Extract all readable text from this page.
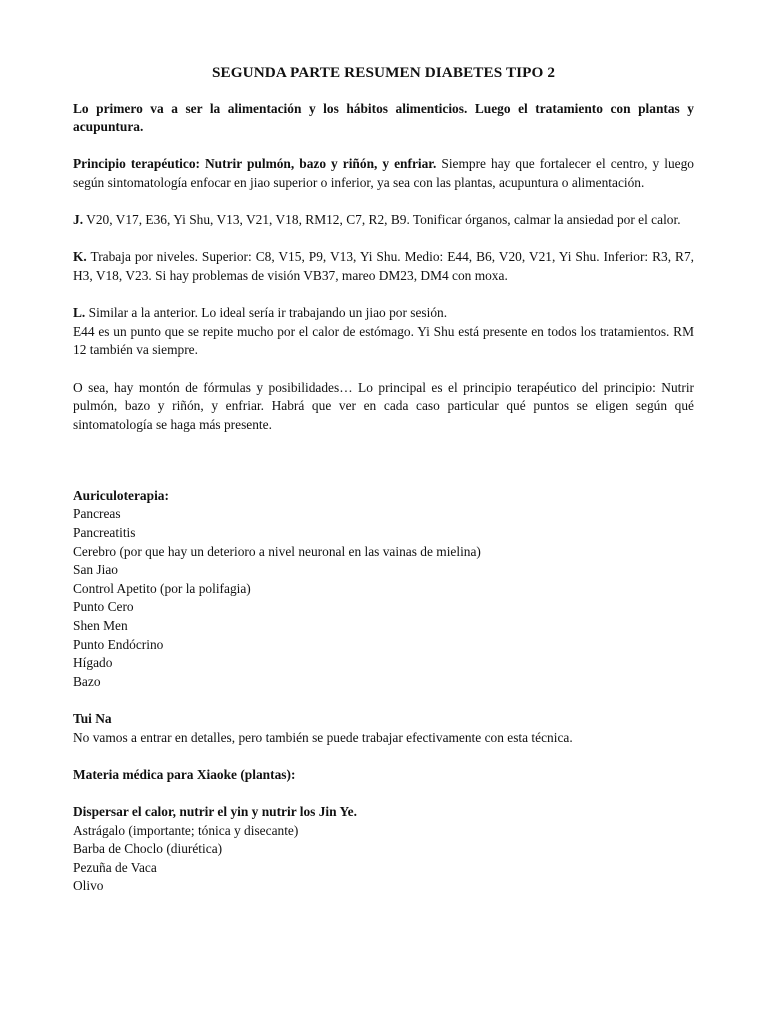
SEGUNDA PARTE RESUMEN DIABETES TIPO 2

Lo primero va a ser la alimentación y los hábitos alimenticios. Luego el tratamiento con plantas y acupuntura.

Principio terapéutico: Nutrir pulmón, bazo y riñón, y enfriar. Siempre hay que fortalecer el centro, y luego según sintomatología enfocar en jiao superior o inferior, ya sea con las plantas, acupuntura o alimentación.

J. V20, V17, E36, Yi Shu, V13, V21, V18, RM12, C7, R2, B9. Tonificar órganos, calmar la ansiedad por el calor.

K. Trabaja por niveles. Superior: C8, V15, P9, V13, Yi Shu. Medio: E44, B6, V20, V21, Yi Shu. Inferior: R3, R7, H3, V18, V23. Si hay problemas de visión VB37, mareo DM23, DM4 con moxa.

L. Similar a la anterior. Lo ideal sería ir trabajando un jiao por sesión.
E44 es un punto que se repite mucho por el calor de estómago. Yi Shu está presente en todos los tratamientos. RM 12 también va siempre.

O sea, hay montón de fórmulas y posibilidades… Lo principal es el principio terapéutico del principio: Nutrir pulmón, bazo y riñón, y enfriar. Habrá que ver en cada caso particular qué puntos se eligen según qué sintomatología se haga más presente.

Auriculoterapia:
Pancreas
Pancreatitis
Cerebro (por que hay un deterioro a nivel neuronal en las vainas de mielina)
San Jiao
Control Apetito (por la polifagia)
Punto Cero
Shen Men
Punto Endócrino
Hígado
Bazo
Tui Na
No vamos a entrar en detalles, pero también se puede trabajar efectivamente con esta técnica.
Materia médica para Xiaoke (plantas):
Dispersar el calor, nutrir el yin y nutrir los Jin Ye.
Astrágalo (importante; tónica y disecante)
Barba de Choclo (diurética)
Pezuña de Vaca
Olivo
